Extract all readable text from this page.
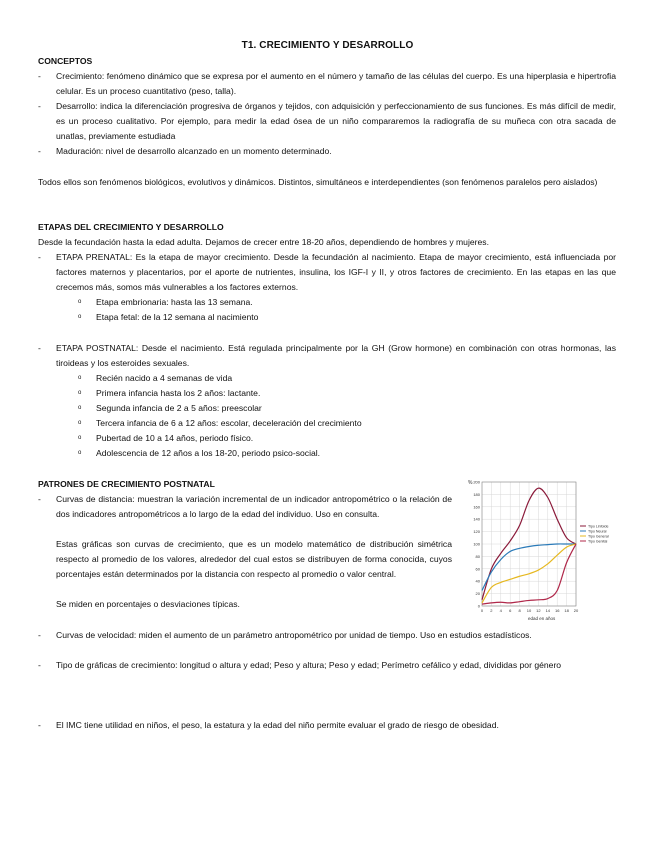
T1. CRECIMIENTO Y DESARROLLO
CONCEPTOS
- Crecimiento: fenómeno dinámico que se expresa por el aumento en el número y tamaño de las células del cuerpo. Es una hiperplasia e hipertrofia celular. Es un proceso cuantitativo (peso, talla).
- Desarrollo: indica la diferenciación progresiva de órganos y tejidos, con adquisición y perfeccionamiento de sus funciones. Es más difícil de medir, es un proceso cualitativo. Por ejemplo, para medir la edad ósea de un niño compararemos la radiografía de su muñeca con otra sacada de unatlas, previamente estudiada
- Maduración: nivel de desarrollo alcanzado en un momento determinado.
Todos ellos son fenómenos biológicos, evolutivos y dinámicos. Distintos, simultáneos e interdependientes (son fenómenos paralelos pero aislados)
ETAPAS DEL CRECIMIENTO Y DESARROLLO
Desde la fecundación hasta la edad adulta. Dejamos de crecer entre 18-20 años, dependiendo de hombres y mujeres.
- ETAPA PRENATAL: Es la etapa de mayor crecimiento. Desde la fecundación al nacimiento. Etapa de mayor crecimiento, está influenciada por factores maternos y placentarios, por el aporte de nutrientes, insulina, los IGF-I y II, y otros factores de crecimiento. En las etapas en las que crecemos más, somos más vulnerables a los factores externos.
o Etapa embrionaria: hasta las 13 semana.
o Etapa fetal: de la 12 semana al nacimiento
- ETAPA POSTNATAL: Desde el nacimiento. Está regulada principalmente por la GH (Grow hormone) en combinación con otras hormonas, las tiroideas y los esteroides sexuales.
o Recién nacido a 4 semanas de vida
o Primera infancia hasta los 2 años: lactante.
o Segunda infancia de 2 a 5 años: preescolar
o Tercera infancia de 6 a 12 años: escolar, deceleración del crecimiento
o Pubertad de 10 a 14 años, periodo físico.
o Adolescencia de 12 años a los 18-20, periodo psico-social.
PATRONES DE CRECIMIENTO POSTNATAL
- Curvas de distancia: muestran la variación incremental de un indicador antropométrico o la relación de dos indicadores antropométricos a lo largo de la edad del individuo. Uso en consulta.
Estas gráficas son curvas de crecimiento, que es un modelo matemático de distribución simétrica respecto al promedio de los valores, alrededor del cual estos se distribuyen de forma conocida, cuyos porcentajes están determinados por la distancia con respecto al promedio o valor central.
Se miden en porcentajes o desviaciones típicas.	0
20
40
60
80
100
120
140
160
180
200
0 2 4 6 8 10 12 14 16 18 20
Tipo Linfoide
Tipo Neural
Tipo General
Tipo Genital
%
edad en años
- Curvas de velocidad: miden el aumento de un parámetro antropométrico por unidad de tiempo. Uso en estudios estadísticos.
- Tipo de gráficas de crecimiento: longitud o altura y edad; Peso y altura; Peso y edad; Perímetro cefálico y edad, divididas por género
- El IMC tiene utilidad en niños, el peso, la estatura y la edad del niño permite evaluar el grado de riesgo de obesidad.
